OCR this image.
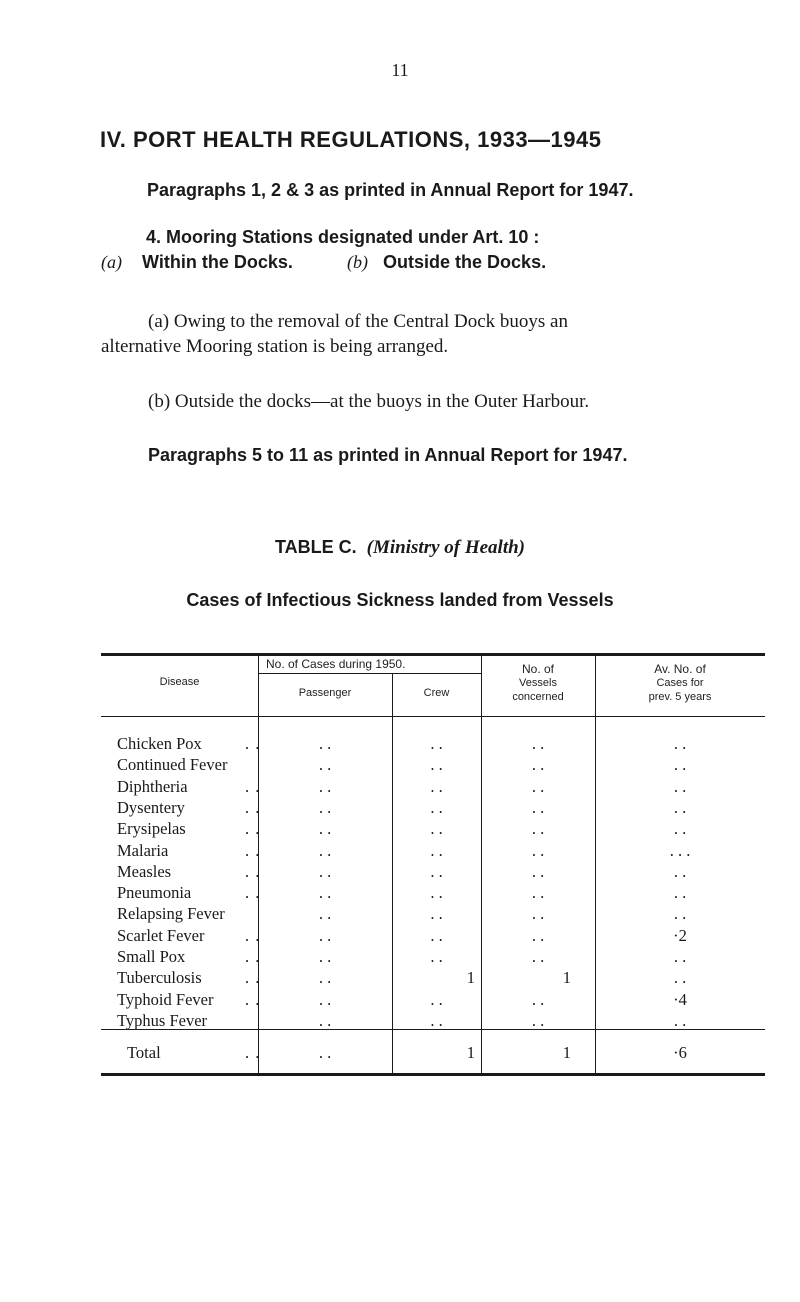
11
IV. PORT HEALTH REGULATIONS, 1933—1945
Paragraphs 1, 2 & 3 as printed in Annual Report for 1947.
4. Mooring Stations designated under Art. 10 :
(a) Within the Docks.	(b) Outside the Docks.
(a) Owing to the removal of the Central Dock buoys an
alternative Mooring station is being arranged.
(b) Outside the docks—at the buoys in the Outer Harbour.
Paragraphs 5 to 11 as printed in Annual Report for 1947.
TABLE C. (Ministry of Health)
Cases of Infectious Sickness landed from Vessels
Disease
No. of Cases during 1950.
Passenger	Crew
No. of
Vessels
concerned
Av. No. of
Cases for
prev. 5 years
Chicken Pox	. .	. .	. .	. .	. .
Continued Fever	. .	. .	. .	. .
Diphtheria	. .	. .	. .	. .	. .
Dysentery	. .	. .	. .	. .	. .
Erysipelas	. .	. .	. .	. .	. .
Malaria	. .	. .	. .	. .	. . .
Measles	. .	. .	. .	. .	. .
Pneumonia	. .	. .	. .	. .	. .
Relapsing Fever	. .	. .	. .	. .
Scarlet Fever	. .	. .	. .	. .	·2
Small Pox	. .	. .	. .	. .	. .
Tuberculosis	. .	. .	1	1	. .
Typhoid Fever	. .	. .	. .	. .	·4
Typhus Fever	. .	. .	. .	. .
Total	. .	. .	1	1	·6
